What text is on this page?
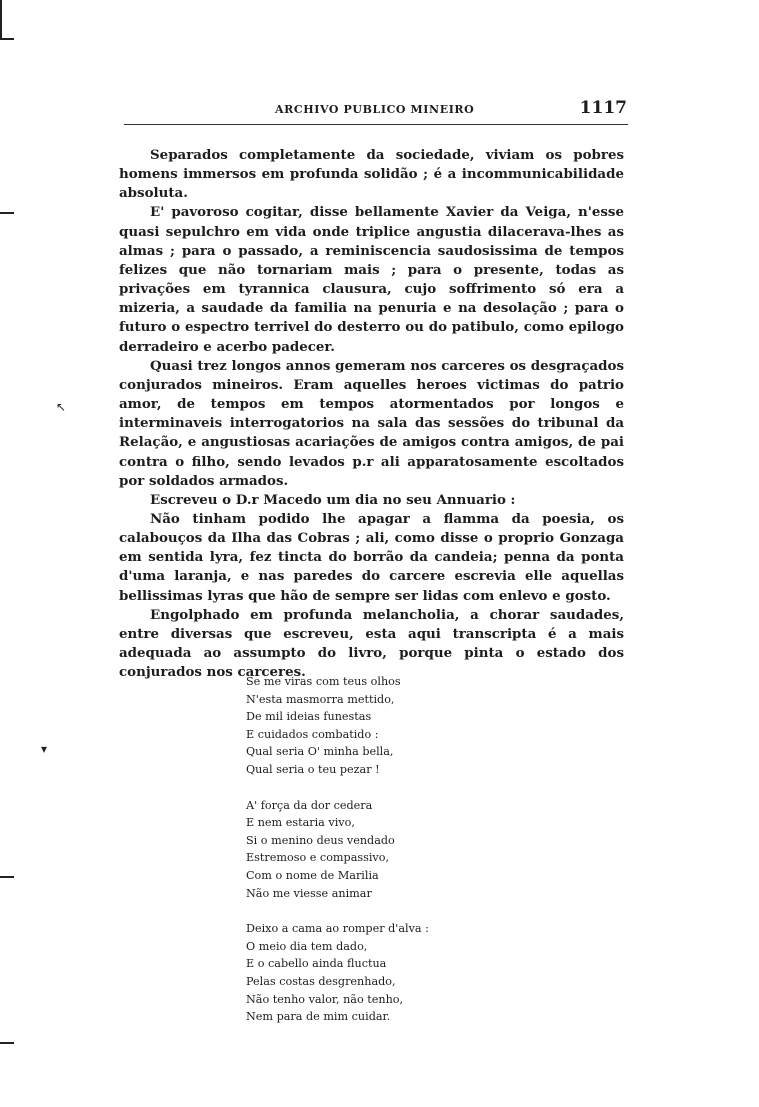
↖
▾
ARCHIVO PUBLICO MINEIRO	1117

Separados completamente da sociedade, viviam os pobres homens immersos em profunda solidão ; é a incommunicabilidade absoluta.

E' pavoroso cogitar, disse bellamente Xavier da Veiga, n'esse quasi sepulchro em vida onde triplice angustia dilacerava-lhes as almas ; para o passado, a reminiscencia saudosissima de tempos felizes que não tornariam mais ; para o presente, todas as privações em tyrannica clausura, cujo soffrimento só era a mizeria, a saudade da familia na penuria e na desolação ; para o futuro o espectro terrivel do desterro ou do patibulo, como epilogo derradeiro e acerbo padecer.

Quasi trez longos annos gemeram nos carceres os desgraçados conjurados mineiros. Eram aquelles heroes victimas do patrio amor, de tempos em tempos atormentados por longos e interminaveis interrogatorios na sala das sessões do tribunal da Relação, e angustiosas acariações de amigos contra amigos, de pai contra o filho, sendo levados p.r ali apparatosamente escoltados por soldados armados.

Escreveu o D.r Macedo um dia no seu Annuario :

Não tinham podido lhe apagar a flamma da poesia, os calabouços da Ilha das Cobras ; ali, como disse o proprio Gonzaga em sentida lyra, fez tincta do borrão da candeia; penna da ponta d'uma laranja, e nas paredes do carcere escrevia elle aquellas bellissimas lyras que hão de sempre ser lidas com enlevo e gosto.

Engolphado em profunda melancholia, a chorar saudades, entre diversas que escreveu, esta aqui transcripta é a mais adequada ao assumpto do livro, porque pinta o estado dos conjurados nos carceres.

Se me viras com teus olhos
N'esta masmorra mettido,
De mil ideias funestas
E cuidados combatido :
Qual seria O' minha bella,
Qual seria o teu pezar !
A' força da dor cedera
E nem estaria vivo,
Si o menino deus vendado
Estremoso e compassivo,
Com o nome de Marilia
Não me viesse animar
Deixo a cama ao romper d'alva :
O meio dia tem dado,
E o cabello ainda fluctua
Pelas costas desgrenhado,
Não tenho valor, não tenho,
Nem para de mim cuidar.
